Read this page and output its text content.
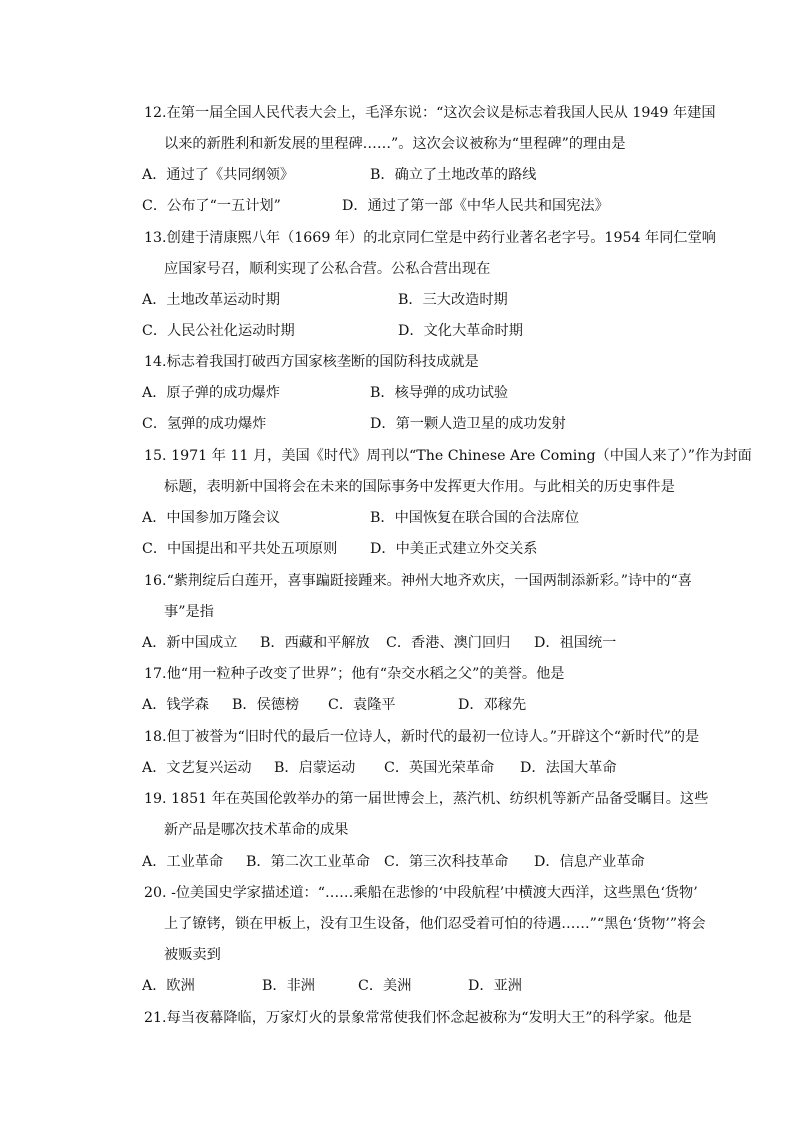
12.在第一届全国人民代表大会上，毛泽东说：“这次会议是标志着我国人民从 1949 年建国
以来的新胜利和新发展的里程碑……”。这次会议被称为“里程碑”的理由是
A．通过了《共同纲领》	B．确立了土地改革的路线
C．公布了“一五计划”	D．通过了第一部《中华人民共和国宪法》
13.创建于清康熙八年（1669 年）的北京同仁堂是中药行业著名老字号。1954 年同仁堂响
应国家号召，顺利实现了公私合营。公私合营出现在
A．土地改革运动时期	B．三大改造时期
C．人民公社化运动时期	D．文化大革命时期
14.标志着我国打破西方国家核垄断的国防科技成就是
A．原子弹的成功爆炸	B．核导弹的成功试验
C．氢弹的成功爆炸	D．第一颗人造卫星的成功发射
15. 1971 年 11 月，美国《时代》周刊以“The Chinese Are Coming（中国人来了）”作为封面
标题，表明新中国将会在未来的国际事务中发挥更大作用。与此相关的历史事件是
A．中国参加万隆会议	B．中国恢复在联合国的合法席位
C．中国提出和平共处五项原则 D．中美正式建立外交关系
16.“紫荆绽后白莲开，喜事蹁跹接踵来。神州大地齐欢庆，一国两制添新彩。”诗中的“喜
事”是指
A．新中国成立 B．西藏和平解放 C．香港、澳门回归 D．祖国统一
17.他“用一粒种子改变了世界”；他有“杂交水稻之父”的美誉。他是
A．钱学森 B．侯德榜 C．袁隆平	D．邓稼先
18.但丁被誉为“旧时代的最后一位诗人，新时代的最初一位诗人。”开辟这个“新时代”的是
A．文艺复兴运动 B．启蒙运动 C．英国光荣革命 D．法国大革命
19. 1851 年在英国伦敦举办的第一届世博会上，蒸汽机、纺织机等新产品备受瞩目。这些
新产品是哪次技术革命的成果
A．工业革命 B．第二次工业革命 C．第三次科技革命 D．信息产业革命
20. -位美国史学家描述道：“……乘船在悲惨的‘中段航程’中横渡大西洋，这些黑色‘货物’
上了镣铐，锁在甲板上，没有卫生设备，他们忍受着可怕的待遇……”“黑色‘货物’”将会
被贩卖到
A．欧洲	B．非洲	C．美洲	D．亚洲
21.每当夜幕降临，万家灯火的景象常常使我们怀念起被称为“发明大王”的科学家。他是
